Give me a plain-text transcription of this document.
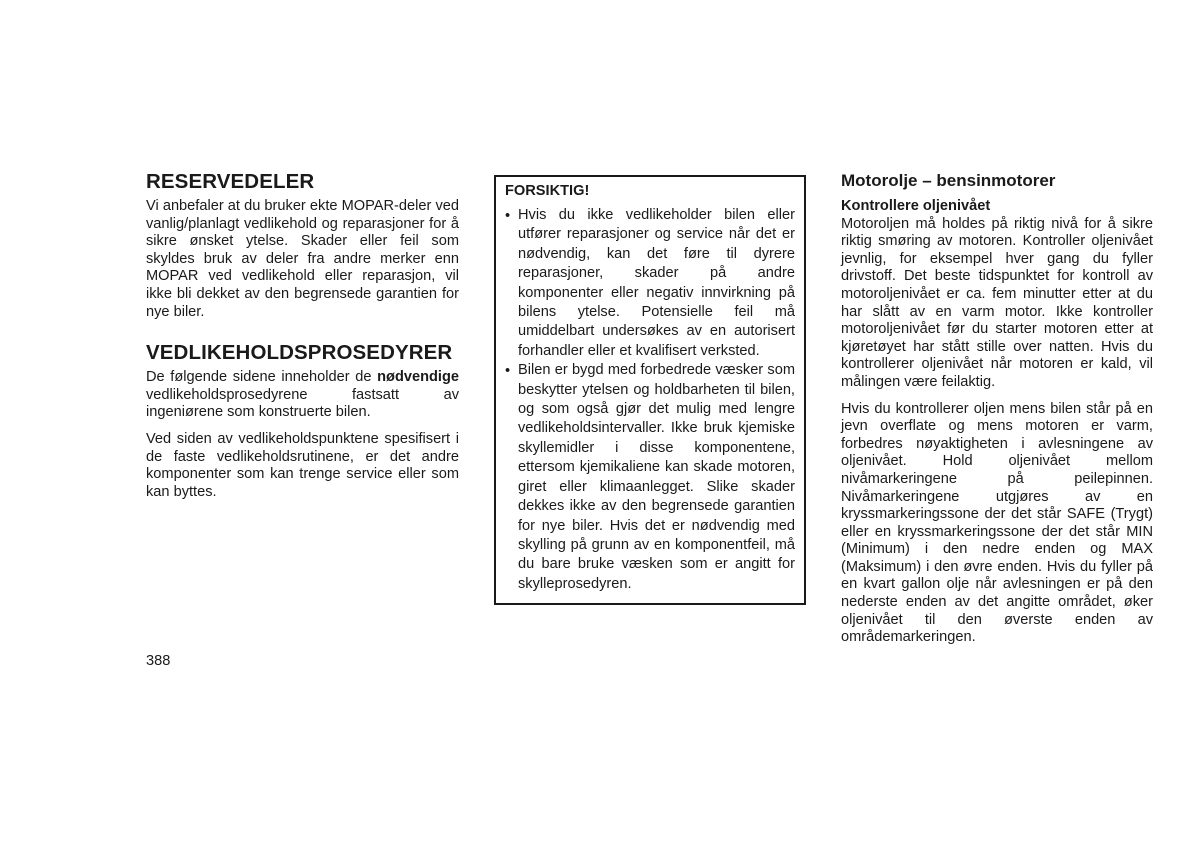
RESERVEDELER

Vi anbefaler at du bruker ekte MOPAR-deler ved vanlig/planlagt vedlikehold og reparasjoner for å sikre ønsket ytelse. Skader eller feil som skyldes bruk av deler fra andre merker enn MOPAR ved vedlikehold eller reparasjon, vil ikke bli dekket av den begrensede garantien for nye biler.

VEDLIKEHOLDSPROSEDYRER

De følgende sidene inneholder de nødvendige vedlikeholdsprosedyrene fastsatt av ingeniørene som konstruerte bilen.

Ved siden av vedlikeholdspunktene spesifisert i de faste vedlikeholdsrutinene, er det andre komponenter som kan trenge service eller som kan byttes.

FORSIKTIG!
• Hvis du ikke vedlikeholder bilen eller utfører reparasjoner og service når det er nødvendig, kan det føre til dyrere reparasjoner, skader på andre komponenter eller negativ innvirkning på bilens ytelse. Potensielle feil må umiddelbart undersøkes av en autorisert forhandler eller et kvalifisert verksted.
• Bilen er bygd med forbedrede væsker som beskytter ytelsen og holdbarheten til bilen, og som også gjør det mulig med lengre vedlikeholdsintervaller. Ikke bruk kjemiske skyllemidler i disse komponentene, ettersom kjemikaliene kan skade motoren, giret eller klimaanlegget. Slike skader dekkes ikke av den begrensede garantien for nye biler. Hvis det er nødvendig med skylling på grunn av en komponentfeil, må du bare bruke væsken som er angitt for skylleprosedyren.
Motorolje – bensinmotorer
Kontrollere oljenivået

Motoroljen må holdes på riktig nivå for å sikre riktig smøring av motoren. Kontroller oljenivået jevnlig, for eksempel hver gang du fyller drivstoff. Det beste tidspunktet for kontroll av motoroljenivået er ca. fem minutter etter at du har slått av en varm motor. Ikke kontroller motoroljenivået før du starter motoren etter at kjøretøyet har stått stille over natten. Hvis du kontrollerer oljenivået når motoren er kald, vil målingen være feilaktig.

Hvis du kontrollerer oljen mens bilen står på en jevn overflate og mens motoren er varm, forbedres nøyaktigheten i avlesningene av oljenivået. Hold oljenivået mellom nivåmarkeringene på peilepinnen. Nivåmarkeringene utgjøres av en kryssmarkeringssone der det står SAFE (Trygt) eller en kryssmarkeringssone der det står MIN (Minimum) i den nedre enden og MAX (Maksimum) i den øvre enden. Hvis du fyller på en kvart gallon olje når avlesningen er på den nederste enden av det angitte området, øker oljenivået til den øverste enden av områdemarkeringen.

388
